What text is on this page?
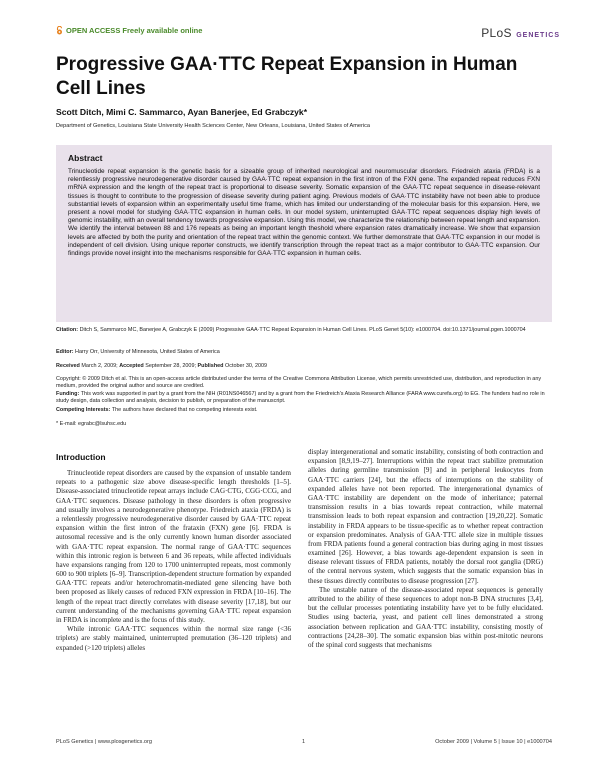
OPEN ACCESS Freely available online	PLoS GENETICS
Progressive GAA·TTC Repeat Expansion in Human Cell Lines
Scott Ditch, Mimi C. Sammarco, Ayan Banerjee, Ed Grabczyk*
Department of Genetics, Louisiana State University Health Sciences Center, New Orleans, Louisiana, United States of America
Abstract

Trinucleotide repeat expansion is the genetic basis for a sizeable group of inherited neurological and neuromuscular disorders. Friedreich ataxia (FRDA) is a relentlessly progressive neurodegenerative disorder caused by GAA·TTC repeat expansion in the first intron of the FXN gene. The expanded repeat reduces FXN mRNA expression and the length of the repeat tract is proportional to disease severity. Somatic expansion of the GAA·TTC repeat sequence in disease-relevant tissues is thought to contribute to the progression of disease severity during patient aging. Previous models of GAA·TTC instability have not been able to produce substantial levels of expansion within an experimentally useful time frame, which has limited our understanding of the molecular basis for this expansion. Here, we present a novel model for studying GAA·TTC expansion in human cells. In our model system, uninterrupted GAA·TTC repeat sequences display high levels of genomic instability, with an overall tendency towards progressive expansion. Using this model, we characterize the relationship between repeat length and expansion. We identify the interval between 88 and 176 repeats as being an important length theshold where expansion rates dramatically increase. We show that expansion levels are affected by both the purity and orientation of the repeat tract within the genomic context. We further demonstrate that GAA·TTC expansion in our model is independent of cell division. Using unique reporter constructs, we identify transcription through the repeat tract as a major contributor to GAA·TTC expansion. Our findings provide novel insight into the mechanisms responsible for GAA·TTC expansion in human cells.

Citation: Ditch S, Sammarco MC, Banerjee A, Grabczyk E (2009) Progressive GAA·TTC Repeat Expansion in Human Cell Lines. PLoS Genet 5(10): e1000704. doi:10.1371/journal.pgen.1000704
Editor: Harry Orr, University of Minnesota, United States of America
Received March 2, 2009; Accepted September 28, 2009; Published October 30, 2009
Copyright: © 2009 Ditch et al. This is an open-access article distributed under the terms of the Creative Commons Attribution License, which permits unrestricted use, distribution, and reproduction in any medium, provided the original author and source are credited.
Funding: This work was supported in part by a grant from the NIH (R01NS046567) and by a grant from the Friedreich's Ataxia Research Alliance (FARA www.curefa.org) to EG. The funders had no role in study design, data collection and analysis, decision to publish, or preparation of the manuscript.
Competing Interests: The authors have declared that no competing interests exist.
* E-mail: egrabc@lsuhsc.edu
Introduction

Trinucleotide repeat disorders are caused by the expansion of unstable tandem repeats to a pathogenic size above disease-specific length thresholds [1–5]. Disease-associated trinucleotide repeat arrays include CAG·CTG, CGG·CCG, and GAA·TTC sequences. Disease pathology in these disorders is often progressive and usually involves a neurodegenerative phenotype. Friedreich ataxia (FRDA) is a relentlessly progressive neurodegenerative disorder caused by GAA·TTC repeat expansion within the first intron of the frataxin (FXN) gene [6]. FRDA is autosomal recessive and is the only currently known human disorder associated with GAA·TTC repeat expansion. The normal range of GAA·TTC sequences within this intronic region is between 6 and 36 repeats, while affected individuals have expansions ranging from 120 to 1700 uninterrupted repeats, most commonly 600 to 900 triplets [6–9]. Transcription-dependent structure formation by expanded GAA·TTC repeats and/or heterochromatin-mediated gene silencing have both been proposed as likely causes of reduced FXN expression in FRDA [10–16]. The length of the repeat tract directly correlates with disease severity [17,18], but our current understanding of the mechanisms governing GAA·TTC repeat expansion in FRDA is incomplete and is the focus of this study.

While intronic GAA·TTC sequences within the normal size range (<36 triplets) are stably maintained, uninterrupted premutation (36–120 triplets) and expanded (>120 triplets) alleles

display intergenerational and somatic instability, consisting of both contraction and expansion [8,9,19–27]. Interruptions within the repeat tract stabilize premutation alleles during germline transmission [9] and in peripheral leukocytes from GAA·TTC carriers [24], but the effects of interruptions on the stability of expanded alleles have not been reported. The intergenerational dynamics of GAA·TTC instability are dependent on the mode of inheritance; paternal transmission results in a bias towards repeat contraction, while maternal transmission leads to both repeat expansion and contraction [19,20,22]. Somatic instability in FRDA appears to be tissue-specific as to whether repeat contraction or expansion predominates. Analysis of GAA·TTC allele size in multiple tissues from FRDA patients found a general contraction bias during aging in most tissues examined [26]. However, a bias towards age-dependent expansion is seen in disease relevant tissues of FRDA patients, notably the dorsal root ganglia (DRG) of the central nervous system, which suggests that the somatic expansion bias in these tissues directly contributes to disease progression [27].

The unstable nature of the disease-associated repeat sequences is generally attributed to the ability of these sequences to adopt non-B DNA structures [3,4], but the cellular processes potentiating instability have yet to be fully elucidated. Studies using bacteria, yeast, and patient cell lines demonstrated a strong association between replication and GAA·TTC instability, consisting mostly of contractions [24,28–30]. The somatic expansion bias within post-mitotic neurons of the spinal cord suggests that mechanisms

PLoS Genetics | www.plosgenetics.org	1	October 2009 | Volume 5 | Issue 10 | e1000704
